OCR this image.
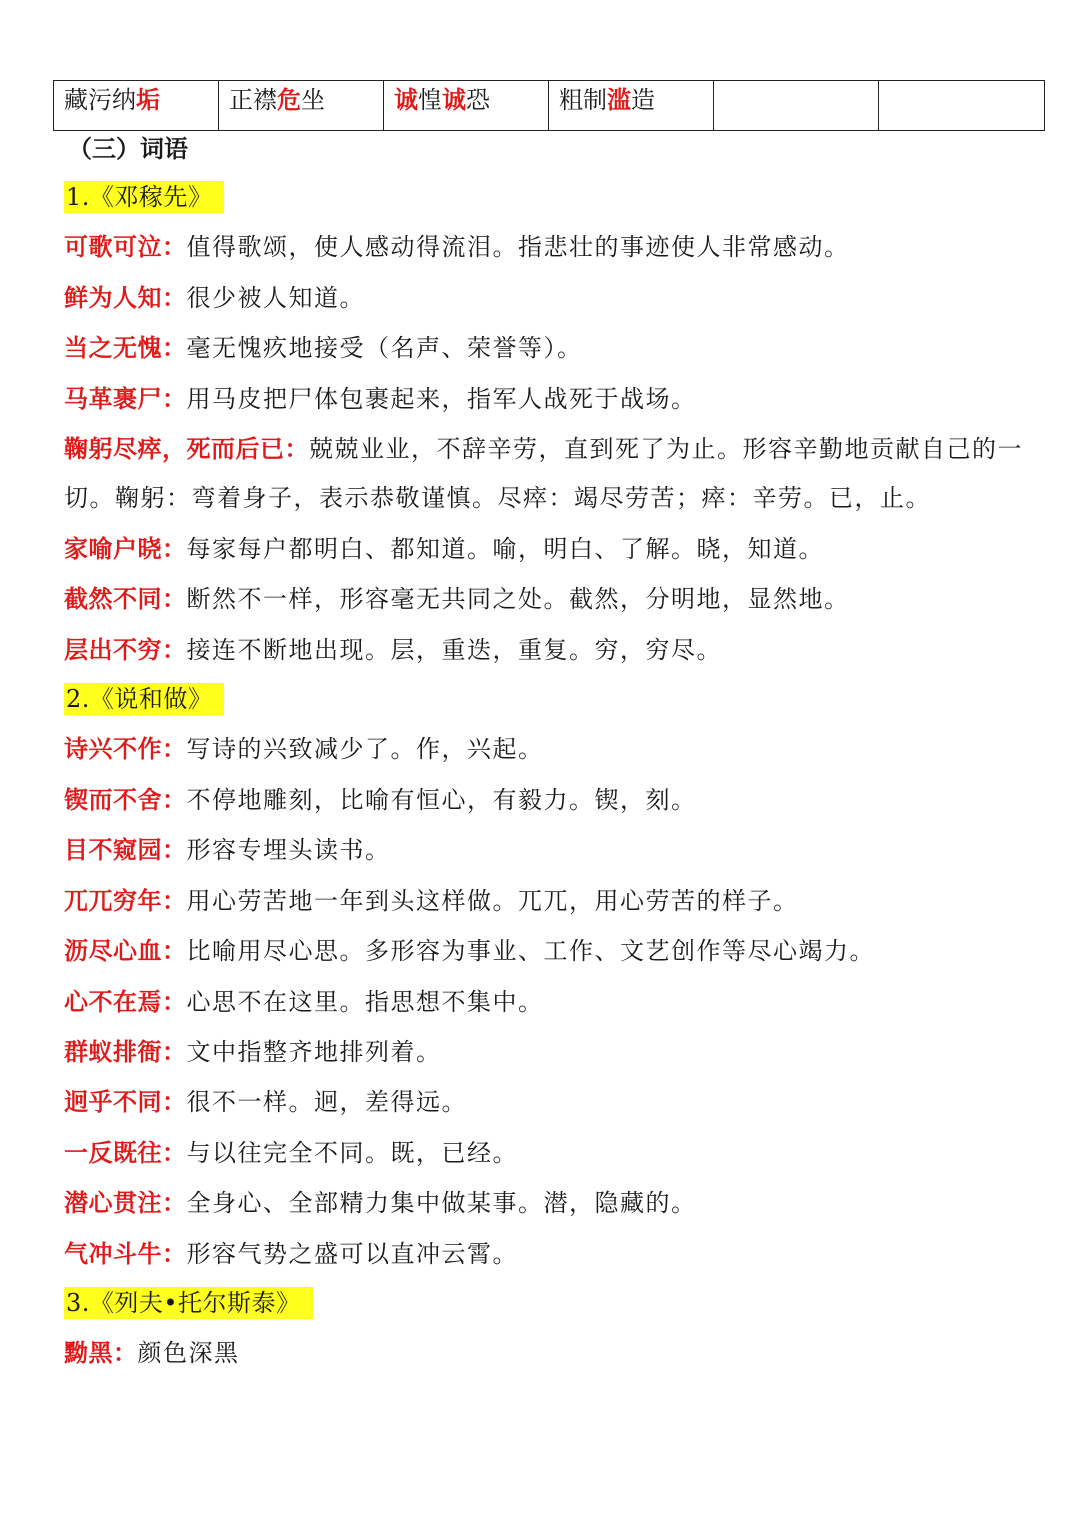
藏污纳垢	正襟危坐	诚惶诚恐	粗制滥造
（三）词语
1.《邓稼先》
可歌可泣：值得歌颂，使人感动得流泪。指悲壮的事迹使人非常感动。
鲜为人知：很少被人知道。
当之无愧：毫无愧疚地接受（名声、荣誉等）。
马革裹尸：用马皮把尸体包裹起来，指军人战死于战场。
鞠躬尽瘁，死而后已：兢兢业业，不辞辛劳，直到死了为止。形容辛勤地贡献自己的一切。鞠躬：弯着身子，表示恭敬谨慎。尽瘁：竭尽劳苦；瘁：辛劳。已，止。
家喻户晓：每家每户都明白、都知道。喻，明白、了解。晓，知道。
截然不同：断然不一样，形容毫无共同之处。截然，分明地，显然地。
层出不穷：接连不断地出现。层，重迭，重复。穷，穷尽。
2.《说和做》
诗兴不作：写诗的兴致减少了。作，兴起。
锲而不舍：不停地雕刻，比喻有恒心，有毅力。锲，刻。
目不窥园：形容专埋头读书。
兀兀穷年：用心劳苦地一年到头这样做。兀兀，用心劳苦的样子。
沥尽心血：比喻用尽心思。多形容为事业、工作、文艺创作等尽心竭力。
心不在焉：心思不在这里。指思想不集中。
群蚁排衙：文中指整齐地排列着。
迥乎不同：很不一样。迥，差得远。
一反既往：与以往完全不同。既，已经。
潜心贯注：全身心、全部精力集中做某事。潜，隐藏的。
气冲斗牛：形容气势之盛可以直冲云霄。
3.《列夫•托尔斯泰》
黝黑：颜色深黑
